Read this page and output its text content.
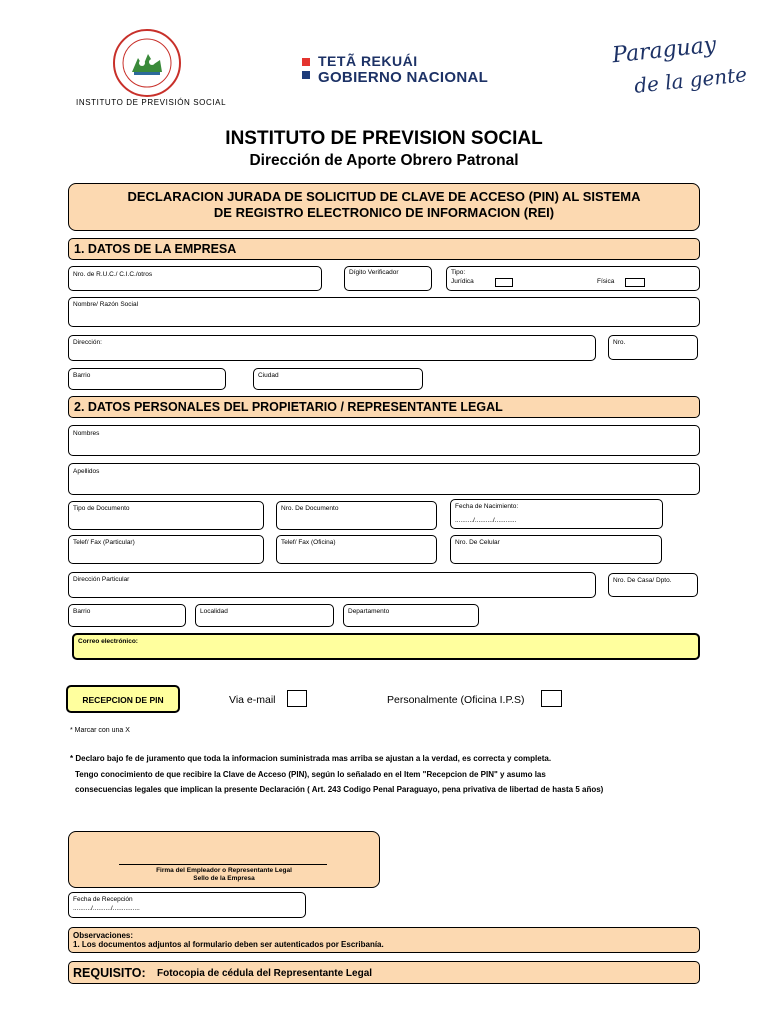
INSTITUTO DE PREVISIÓN SOCIAL
TETÃ REKUÁI
GOBIERNO NACIONAL
Paraguay
de la gente
INSTITUTO DE PREVISION SOCIAL
Dirección de Aporte Obrero Patronal
DECLARACION JURADA DE SOLICITUD DE CLAVE DE ACCESO (PIN) AL SISTEMA
DE REGISTRO ELECTRONICO DE INFORMACION (REI)
1. DATOS DE LA EMPRESA
Nro. de R.U.C./ C.I.C./otros	Dígito Verificador	Tipo:
Jurídica	Física
Nombre/ Razón Social
Dirección:	Nro.
Barrio	Ciudad
2. DATOS PERSONALES DEL PROPIETARIO / REPRESENTANTE LEGAL
Nombres
Apellidos
Tipo de Documento	Nro. De Documento	Fecha de Nacimiento:
........../........../............
Telef/ Fax (Particular)	Telef/ Fax (Oficina)	Nro. De Celular
Dirección Particular	Nro. De Casa/ Dpto.
Barrio	Localidad	Departamento
Correo electrónico:
RECEPCION DE PIN	Via e-mail	Personalmente (Oficina I.P.S)
* Marcar con una X
* Declaro bajo fe de juramento que toda la informacion suministrada mas arriba se ajustan a la verdad, es correcta y completa.
Tengo conocimiento de que recibire la Clave de Acceso (PIN), según lo señalado en el Item "Recepcion de PIN" y asumo las
consecuencias legales que implican la presente Declaración ( Art. 243 Codigo Penal Paraguayo, pena privativa de libertad de hasta 5 años)
Firma del Empleador o Representante Legal
Sello de la Empresa
Fecha de Recepción
........../........../...............
Observaciones:
1. Los documentos adjuntos al formulario deben ser autenticados por Escribanía.
REQUISITO: Fotocopia de cédula del Representante Legal
